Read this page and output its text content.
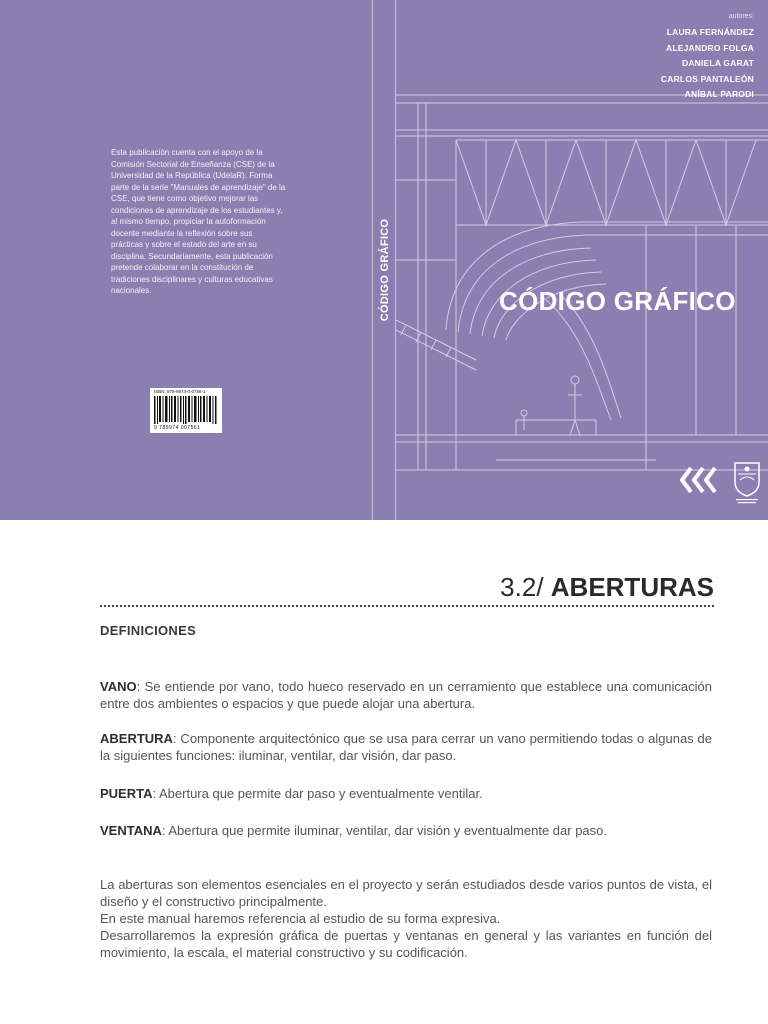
Esta publicación cuenta con el apoyo de la Comisión Sectorial de Enseñanza (CSE) de la Universidad de la República (UdelaR). Forma parte de la serie "Manuales de aprendizaje" de la CSE, que tiene como objetivo mejorar las condiciones de aprendizaje de los estudiantes y, al mismo tiempo, propiciar la autoformación docente mediante la reflexión sobre sus prácticas y sobre el estado del arte en su disciplina. Secundariamente, esta publicación pretende colaborar en la constitución de tradiciones disciplinares y culturas educativas nacionales.

ISBN: 978-9974-0-0756-1
9 789974 007561
CÓDIGO GRÁFICO
autores:
LAURA FERNÁNDEZ
ALEJANDRO FOLGA
DANIELA GARAT
CARLOS PANTALEÓN
ANÍBAL PARODI
CÓDIGO GRÁFICO
3.2/ ABERTURAS
DEFINICIONES

VANO: Se entiende por vano, todo hueco reservado en un cerramiento que establece una comunicación entre dos ambientes o espacios y que puede alojar una abertura.

ABERTURA: Componente arquitectónico que se usa para cerrar un vano permitiendo todas o algunas de la siguientes funciones: iluminar, ventilar, dar visión, dar paso.

PUERTA: Abertura que permite dar paso y eventualmente ventilar.

VENTANA: Abertura que permite iluminar, ventilar, dar visión y eventualmente dar paso.

La aberturas son elementos esenciales en el proyecto y serán estudiados desde varios puntos de vista, el diseño y el constructivo principalmente.

En este manual haremos referencia al estudio de su forma expresiva.

Desarrollaremos la expresión gráfica de puertas y ventanas en general y las variantes en función del movimiento, la escala, el material constructivo y su codificación.
